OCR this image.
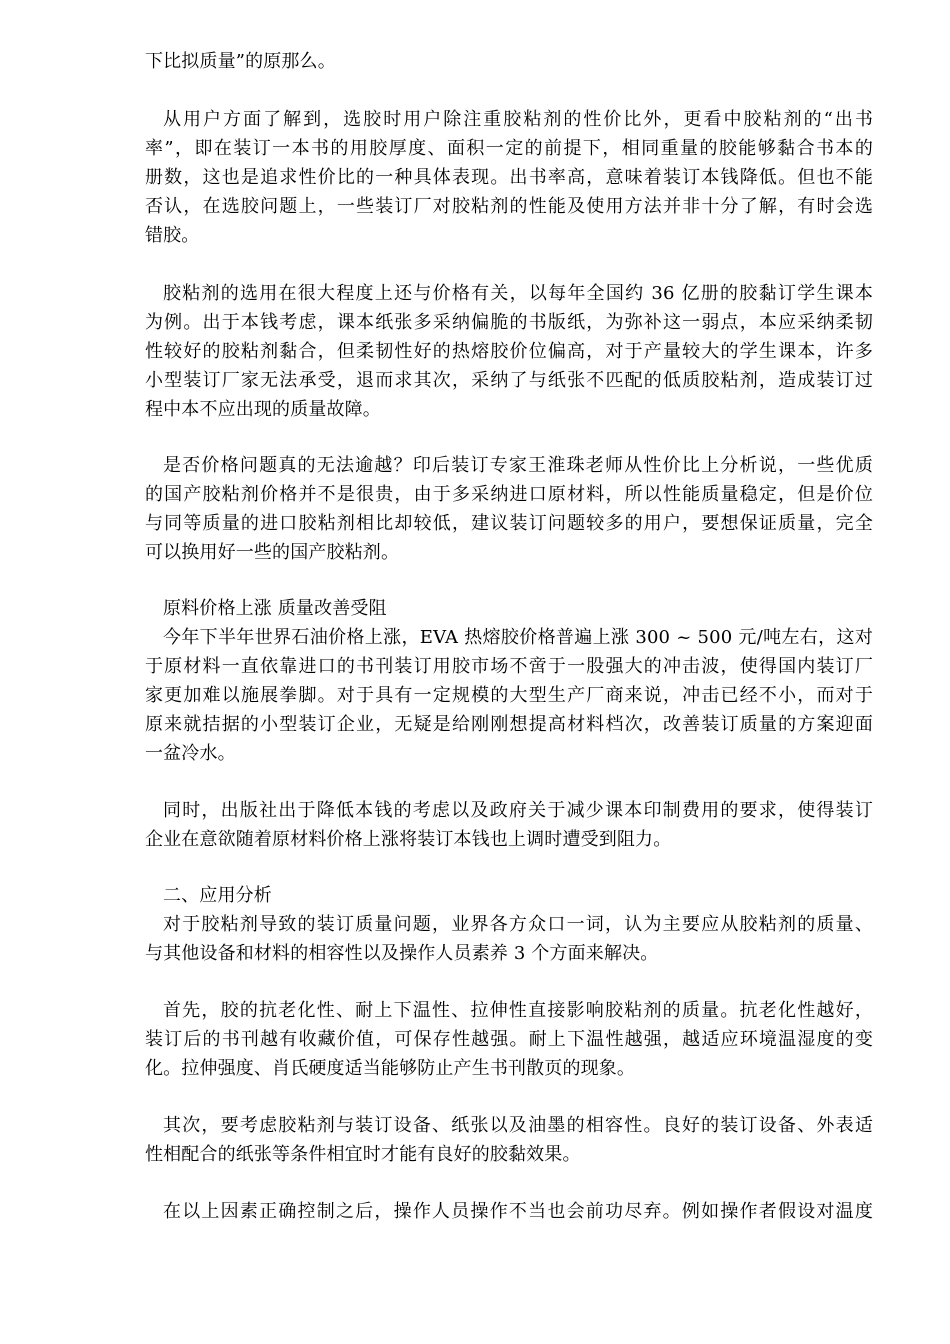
下比拟质量”的原那么。
从用户方面了解到，选胶时用户除注重胶粘剂的性价比外，更看中胶粘剂的“出书
率”，即在装订一本书的用胶厚度、面积一定的前提下，相同重量的胶能够黏合书本的
册数，这也是追求性价比的一种具体表现。出书率高，意味着装订本钱降低。但也不能
否认，在选胶问题上，一些装订厂对胶粘剂的性能及使用方法并非十分了解，有时会选
错胶。
胶粘剂的选用在很大程度上还与价格有关，以每年全国约 36 亿册的胶黏订学生课本
为例。出于本钱考虑，课本纸张多采纳偏脆的书版纸，为弥补这一弱点，本应采纳柔韧
性较好的胶粘剂黏合，但柔韧性好的热熔胶价位偏高，对于产量较大的学生课本，许多
小型装订厂家无法承受，退而求其次，采纳了与纸张不匹配的低质胶粘剂，造成装订过
程中本不应出现的质量故障。
是否价格问题真的无法逾越？印后装订专家王淮珠老师从性价比上分析说，一些优质
的国产胶粘剂价格并不是很贵，由于多采纳进口原材料，所以性能质量稳定，但是价位
与同等质量的进口胶粘剂相比却较低，建议装订问题较多的用户，要想保证质量，完全
可以换用好一些的国产胶粘剂。
原料价格上涨 质量改善受阻
今年下半年世界石油价格上涨，EVA 热熔胶价格普遍上涨 300 ~ 500 元/吨左右，这对
于原材料一直依靠进口的书刊装订用胶市场不啻于一股强大的冲击波，使得国内装订厂
家更加难以施展拳脚。对于具有一定规模的大型生产厂商来说，冲击已经不小，而对于
原来就拮据的小型装订企业，无疑是给刚刚想提高材料档次，改善装订质量的方案迎面
一盆冷水。
同时，出版社出于降低本钱的考虑以及政府关于减少课本印制费用的要求，使得装订
企业在意欲随着原材料价格上涨将装订本钱也上调时遭受到阻力。
二、应用分析
对于胶粘剂导致的装订质量问题，业界各方众口一词，认为主要应从胶粘剂的质量、
与其他设备和材料的相容性以及操作人员素养 3 个方面来解决。
首先，胶的抗老化性、耐上下温性、拉伸性直接影响胶粘剂的质量。抗老化性越好，
装订后的书刊越有收藏价值，可保存性越强。耐上下温性越强，越适应环境温湿度的变
化。拉伸强度、肖氏硬度适当能够防止产生书刊散页的现象。
其次，要考虑胶粘剂与装订设备、纸张以及油墨的相容性。良好的装订设备、外表适
性相配合的纸张等条件相宜时才能有良好的胶黏效果。
在以上因素正确控制之后，操作人员操作不当也会前功尽弃。例如操作者假设对温度
